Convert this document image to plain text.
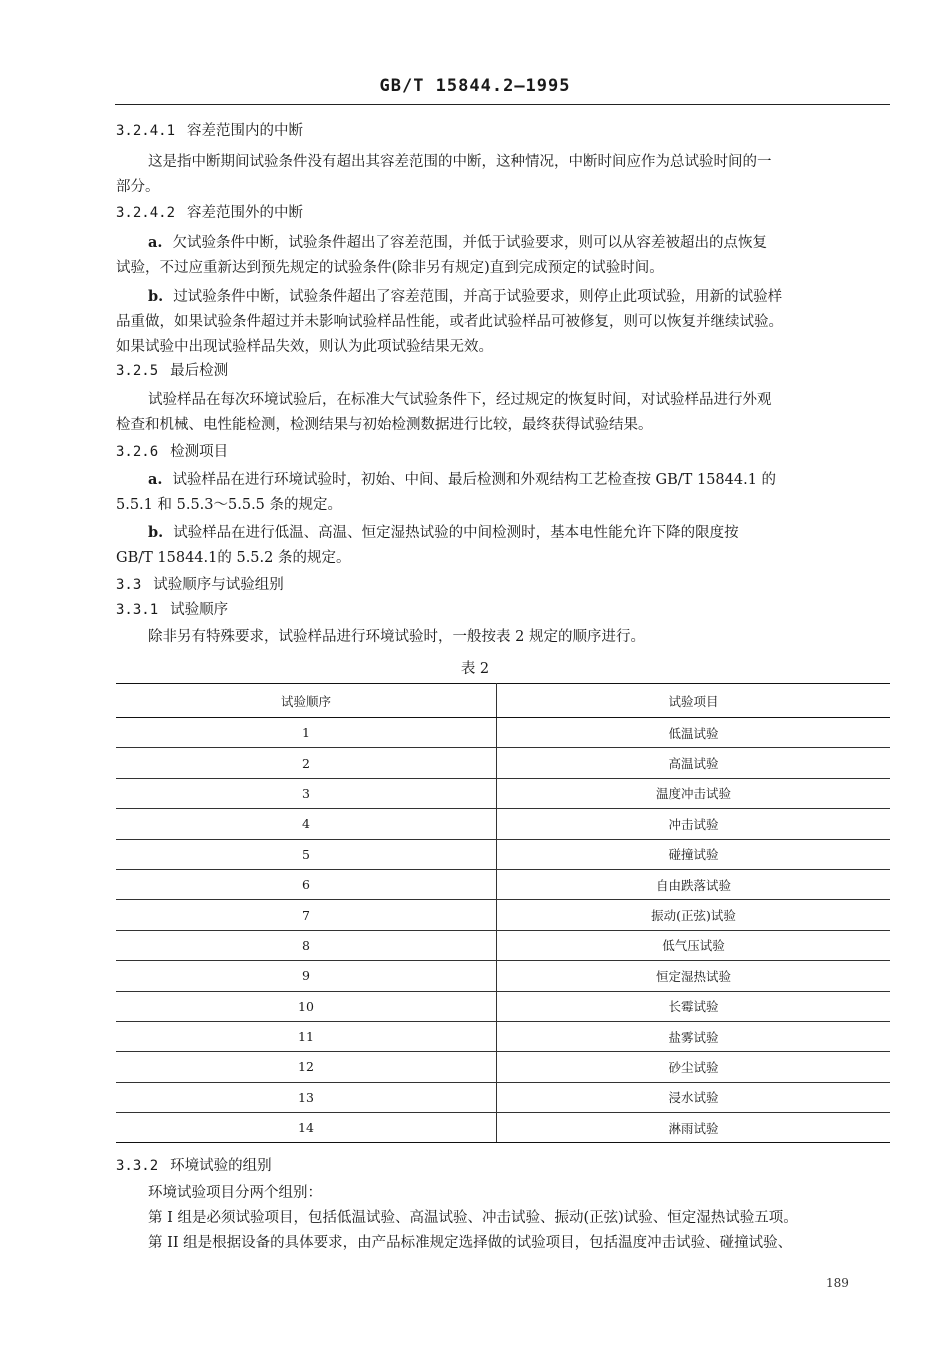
GB/T 15844.2—1995
3.2.4.1 容差范围内的中断
这是指中断期间试验条件没有超出其容差范围的中断，这种情况，中断时间应作为总试验时间的一
部分。
3.2.4.2 容差范围外的中断
a. 欠试验条件中断，试验条件超出了容差范围，并低于试验要求，则可以从容差被超出的点恢复
试验，不过应重新达到预先规定的试验条件(除非另有规定)直到完成预定的试验时间。
b. 过试验条件中断，试验条件超出了容差范围，并高于试验要求，则停止此项试验，用新的试验样
品重做，如果试验条件超过并未影响试验样品性能，或者此试验样品可被修复，则可以恢复并继续试验。
如果试验中出现试验样品失效，则认为此项试验结果无效。
3.2.5 最后检测
试验样品在每次环境试验后，在标准大气试验条件下，经过规定的恢复时间，对试验样品进行外观
检查和机械、电性能检测，检测结果与初始检测数据进行比较，最终获得试验结果。
3.2.6 检测项目
a. 试验样品在进行环境试验时，初始、中间、最后检测和外观结构工艺检查按 GB/T 15844.1 的
5.5.1 和 5.5.3～5.5.5 条的规定。
b. 试验样品在进行低温、高温、恒定湿热试验的中间检测时，基本电性能允许下降的限度按
GB/T 15844.1的 5.5.2 条的规定。
3.3 试验顺序与试验组别
3.3.1 试验顺序
除非另有特殊要求，试验样品进行环境试验时，一般按表 2 规定的顺序进行。
表 2
试验顺序	试验项目
1	低温试验
2	高温试验
3	温度冲击试验
4	冲击试验
5	碰撞试验
6	自由跌落试验
7	振动(正弦)试验
8	低气压试验
9	恒定湿热试验
10	长霉试验
11	盐雾试验
12	砂尘试验
13	浸水试验
14	淋雨试验
3.3.2 环境试验的组别
环境试验项目分两个组别：
第 I 组是必须试验项目，包括低温试验、高温试验、冲击试验、振动(正弦)试验、恒定湿热试验五项。
第 II 组是根据设备的具体要求，由产品标准规定选择做的试验项目，包括温度冲击试验、碰撞试验、
189
